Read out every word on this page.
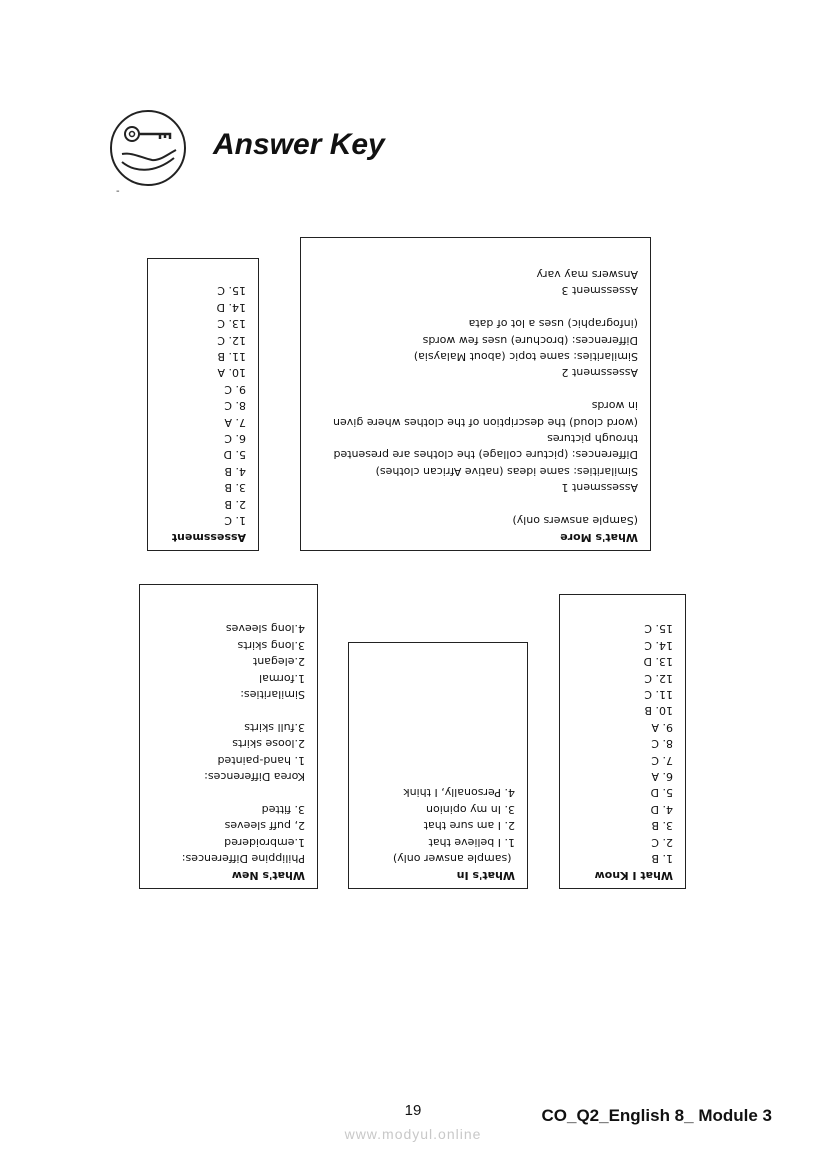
Answer Key
-
What's More
(Sample answers only)

Assessment 1
Similarities: same ideas (native African clothes)
Differences: (picture collage) the clothes are presented
through pictures
(word cloud) the description of the clothes where given
in words

Assessment 2
Similarities: same topic (about Malaysia)
Differences: (brochure) uses few words
(infographic) uses a lot of data

Assessment 3
Answers may vary
Assessment
1. C
2. B
3. B
4. B
5. D
6. C
7. A
8. C
9. C
10. A
11. B
12. C
13. C
14. D
15. C
What's New
Philippine Differences:
1.embroidered
2, puff sleeves
3. fitted

Korea Differences:
1. hand-painted
2.loose skirts
3.full skirts

Similarities:
1.formal
2.elegant
3.long skirts
4.long sleeves
What's In
(sample answer only)
1. I believe that
2. I am sure that
3. In my opinion
4. Personally, I think
What I Know
1. B
2. C
3. B
4. D
5. D
6. A
7. C
8. C
9. A
10. B
11. C
12. C
13. D
14. C
15. C
19	CO_Q2_English 8_ Module 3
www.modyul.online
